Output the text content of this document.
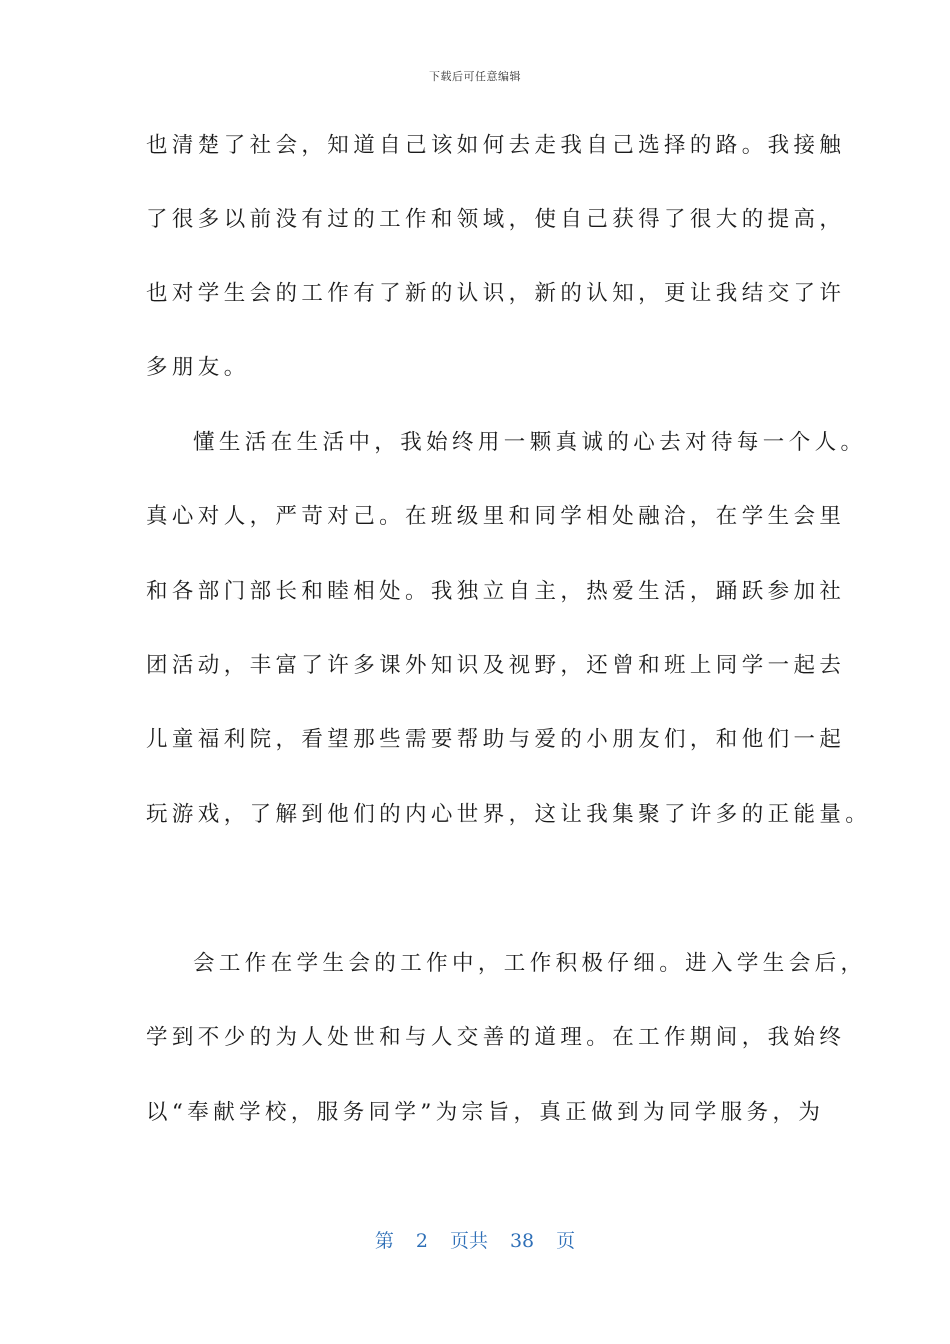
下载后可任意编辑
也清楚了社会，知道自己该如何去走我自己选择的路。我接触
了很多以前没有过的工作和领域，使自己获得了很大的提高，
也对学生会的工作有了新的认识，新的认知，更让我结交了许
多朋友。
懂生活在生活中，我始终用一颗真诚的心去对待每一个人。
真心对人，严苛对己。在班级里和同学相处融洽，在学生会里
和各部门部长和睦相处。我独立自主，热爱生活，踊跃参加社
团活动，丰富了许多课外知识及视野，还曾和班上同学一起去
儿童福利院，看望那些需要帮助与爱的小朋友们，和他们一起
玩游戏，了解到他们的内心世界，这让我集聚了许多的正能量。
会工作在学生会的工作中，工作积极仔细。进入学生会后，
学到不少的为人处世和与人交善的道理。在工作期间，我始终
以“奉献学校，服务同学”为宗旨，真正做到为同学服务，为
第 2 页共 38 页
